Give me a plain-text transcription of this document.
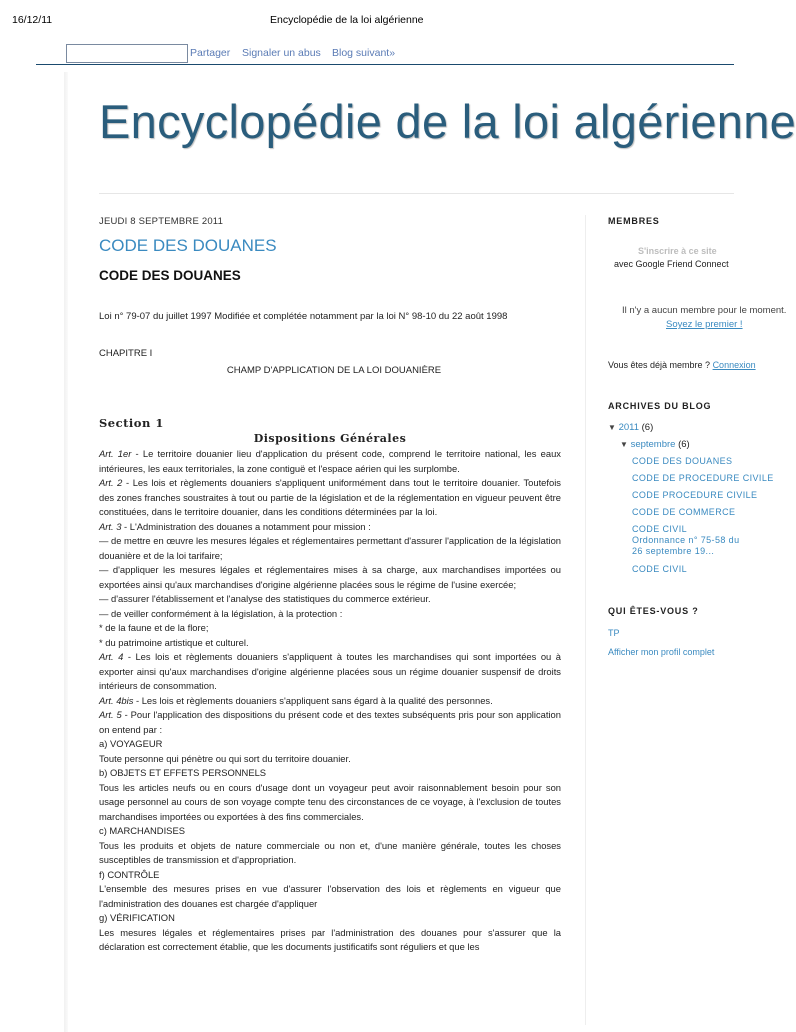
16/12/11	Encyclopédie de la loi algérienne
Partager Signaler un abus Blog suivant»
Encyclopédie de la loi algérienne
JEUDI 8 SEPTEMBRE 2011
CODE DES DOUANES
CODE DES DOUANES
Loi n° 79-07 du juillet 1997 Modifiée et complétée notamment par la loi N° 98-10 du 22 août 1998
CHAPITRE I
CHAMP D'APPLICATION DE LA LOI DOUANIÈRE
Section 1
Dispositions Générales

Art. 1er - Le territoire douanier lieu d'application du présent code, comprend le territoire national, les eaux intérieures, les eaux territoriales, la zone contiguë et l'espace aérien qui les surplombe.

Art. 2 - Les lois et règlements douaniers s'appliquent uniformément dans tout le territoire douanier. Toutefois des zones franches soustraites à tout ou partie de la législation et de la réglementation en vigueur peuvent être constituées, dans le territoire douanier, dans les conditions déterminées par la loi.

Art. 3 - L'Administration des douanes a notamment pour mission :

— de mettre en œuvre les mesures légales et réglementaires permettant d'assurer l'application de la législation douanière et de la loi tarifaire;

— d'appliquer les mesures légales et réglementaires mises à sa charge, aux marchandises importées ou exportées ainsi qu'aux marchandises d'origine algérienne placées sous le régime de l'usine exercée;

— d'assurer l'établissement et l'analyse des statistiques du commerce extérieur.

— de veiller conformément à la législation, à la protection :

* de la faune et de la flore;

* du patrimoine artistique et culturel.

Art. 4 - Les lois et règlements douaniers s'appliquent à toutes les marchandises qui sont importées ou à exporter ainsi qu'aux marchandises d'origine algérienne placées sous un régime douanier suspensif de droits intérieurs de consommation.

Art. 4bis - Les lois et règlements douaniers s'appliquent sans égard à la qualité des personnes.

Art. 5 - Pour l'application des dispositions du présent code et des textes subséquents pris pour son application on entend par :

a) VOYAGEUR

Toute personne qui pénètre ou qui sort du territoire douanier.

b) OBJETS ET EFFETS PERSONNELS

Tous les articles neufs ou en cours d'usage dont un voyageur peut avoir raisonnablement besoin pour son usage personnel au cours de son voyage compte tenu des circonstances de ce voyage, à l'exclusion de toutes marchandises importées ou exportées à des fins commerciales.

c) MARCHANDISES

Tous les produits et objets de nature commerciale ou non et, d'une manière générale, toutes les choses susceptibles de transmission et d'appropriation.

f) CONTRÔLE

L'ensemble des mesures prises en vue d'assurer l'observation des lois et règlements en vigueur que l'administration des douanes est chargée d'appliquer

g) VÉRIFICATION

Les mesures légales et réglementaires prises par l'administration des douanes pour s'assurer que la déclaration est correctement établie, que les documents justificatifs sont réguliers et que les

MEMBRES
S'inscrire à ce site
avec Google Friend Connect
Il n'y a aucun membre pour le moment.
Soyez le premier !
Vous êtes déjà membre ? Connexion
ARCHIVES DU BLOG
▼ 2011 (6)
▼ septembre (6)
CODE DES DOUANES
CODE DE PROCEDURE CIVILE
CODE PROCEDURE CIVILE
CODE DE COMMERCE
CODE CIVIL Ordonnance n° 75-58 du 26 septembre 19...
CODE CIVIL
QUI ÊTES-VOUS ?
TP
Afficher mon profil complet
